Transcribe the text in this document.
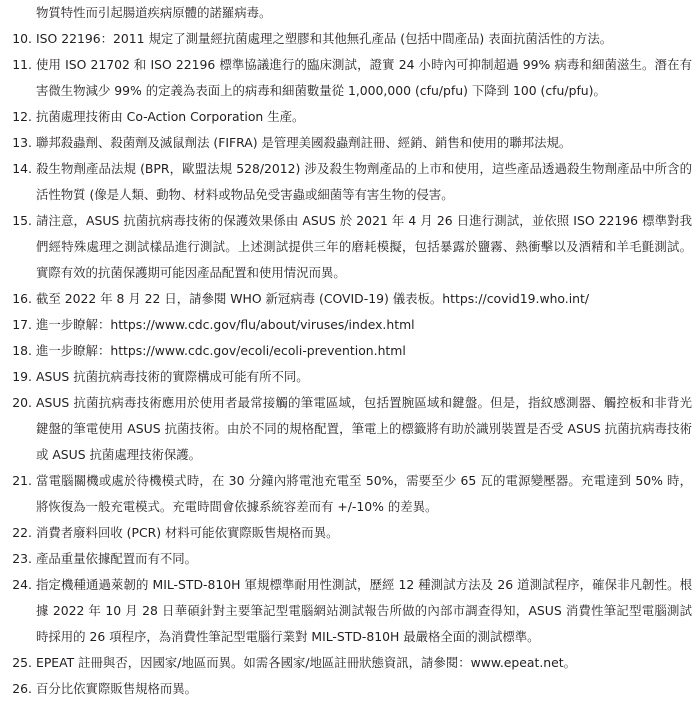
物質特性而引起腸道疾病原體的諾羅病毒。
10. ISO 22196：2011 規定了測量經抗菌處理之塑膠和其他無孔產品 (包括中間產品) 表面抗菌活性的方法。
11. 使用 ISO 21702 和 ISO 22196 標準協議進行的臨床測試，證實 24 小時內可抑制超過 99% 病毒和細菌滋生。潛在有害微生物減少 99% 的定義為表面上的病毒和細菌數量從 1,000,000 (cfu/pfu) 下降到 100 (cfu/pfu)。
12. 抗菌處理技術由 Co-Action Corporation 生產。
13. 聯邦殺蟲劑、殺菌劑及滅鼠劑法 (FIFRA) 是管理美國殺蟲劑註冊、經銷、銷售和使用的聯邦法規。
14. 殺生物劑產品法規 (BPR，歐盟法規 528/2012) 涉及殺生物劑產品的上市和使用，這些產品透過殺生物劑產品中所含的活性物質 (像是人類、動物、材料或物品免受害蟲或細菌等有害生物的侵害。
15. 請注意，ASUS 抗菌抗病毒技術的保護效果係由 ASUS 於 2021 年 4 月 26 日進行測試，並依照 ISO 22196 標準對我們經特殊處理之測試樣品進行測試。上述測試提供三年的磨耗模擬，包括暴露於鹽霧、熱衝擊以及酒精和羊毛氈測試。實際有效的抗菌保護期可能因產品配置和使用情況而異。
16. 截至 2022 年 8 月 22 日，請參閱 WHO 新冠病毒 (COVID-19) 儀表板。https://covid19.who.int/
17. 進一步瞭解：https://www.cdc.gov/flu/about/viruses/index.html
18. 進一步瞭解：https://www.cdc.gov/ecoli/ecoli-prevention.html
19. ASUS 抗菌抗病毒技術的實際構成可能有所不同。
20. ASUS 抗菌抗病毒技術應用於使用者最常接觸的筆電區域，包括置腕區域和鍵盤。但是，指紋感測器、觸控板和非背光鍵盤的筆電使用 ASUS 抗菌技術。由於不同的規格配置，筆電上的標籤將有助於識別裝置是否受 ASUS 抗菌抗病毒技術或 ASUS 抗菌處理技術保護。
21. 當電腦關機或處於待機模式時，在 30 分鐘內將電池充電至 50%，需要至少 65 瓦的電源變壓器。充電達到 50% 時，將恢復為一般充電模式。充電時間會依據系統容差而有 +/-10% 的差異。
22. 消費者廢料回收 (PCR) 材料可能依實際販售規格而異。
23. 產品重量依據配置而有不同。
24. 指定機種通過萊韌的 MIL-STD-810H 軍規標準耐用性測試，歷經 12 種測試方法及 26 道測試程序，確保非凡韌性。根據 2022 年 10 月 28 日華碩針對主要筆記型電腦網站測試報告所做的內部市調查得知，ASUS 消費性筆記型電腦測試時採用的 26 項程序，為消費性筆記型電腦行業對 MIL-STD-810H 最嚴格全面的測試標準。
25. EPEAT 註冊與否，因國家/地區而異。如需各國家/地區註冊狀態資訊，請參閱：www.epeat.net。
26. 百分比依實際販售規格而異。
